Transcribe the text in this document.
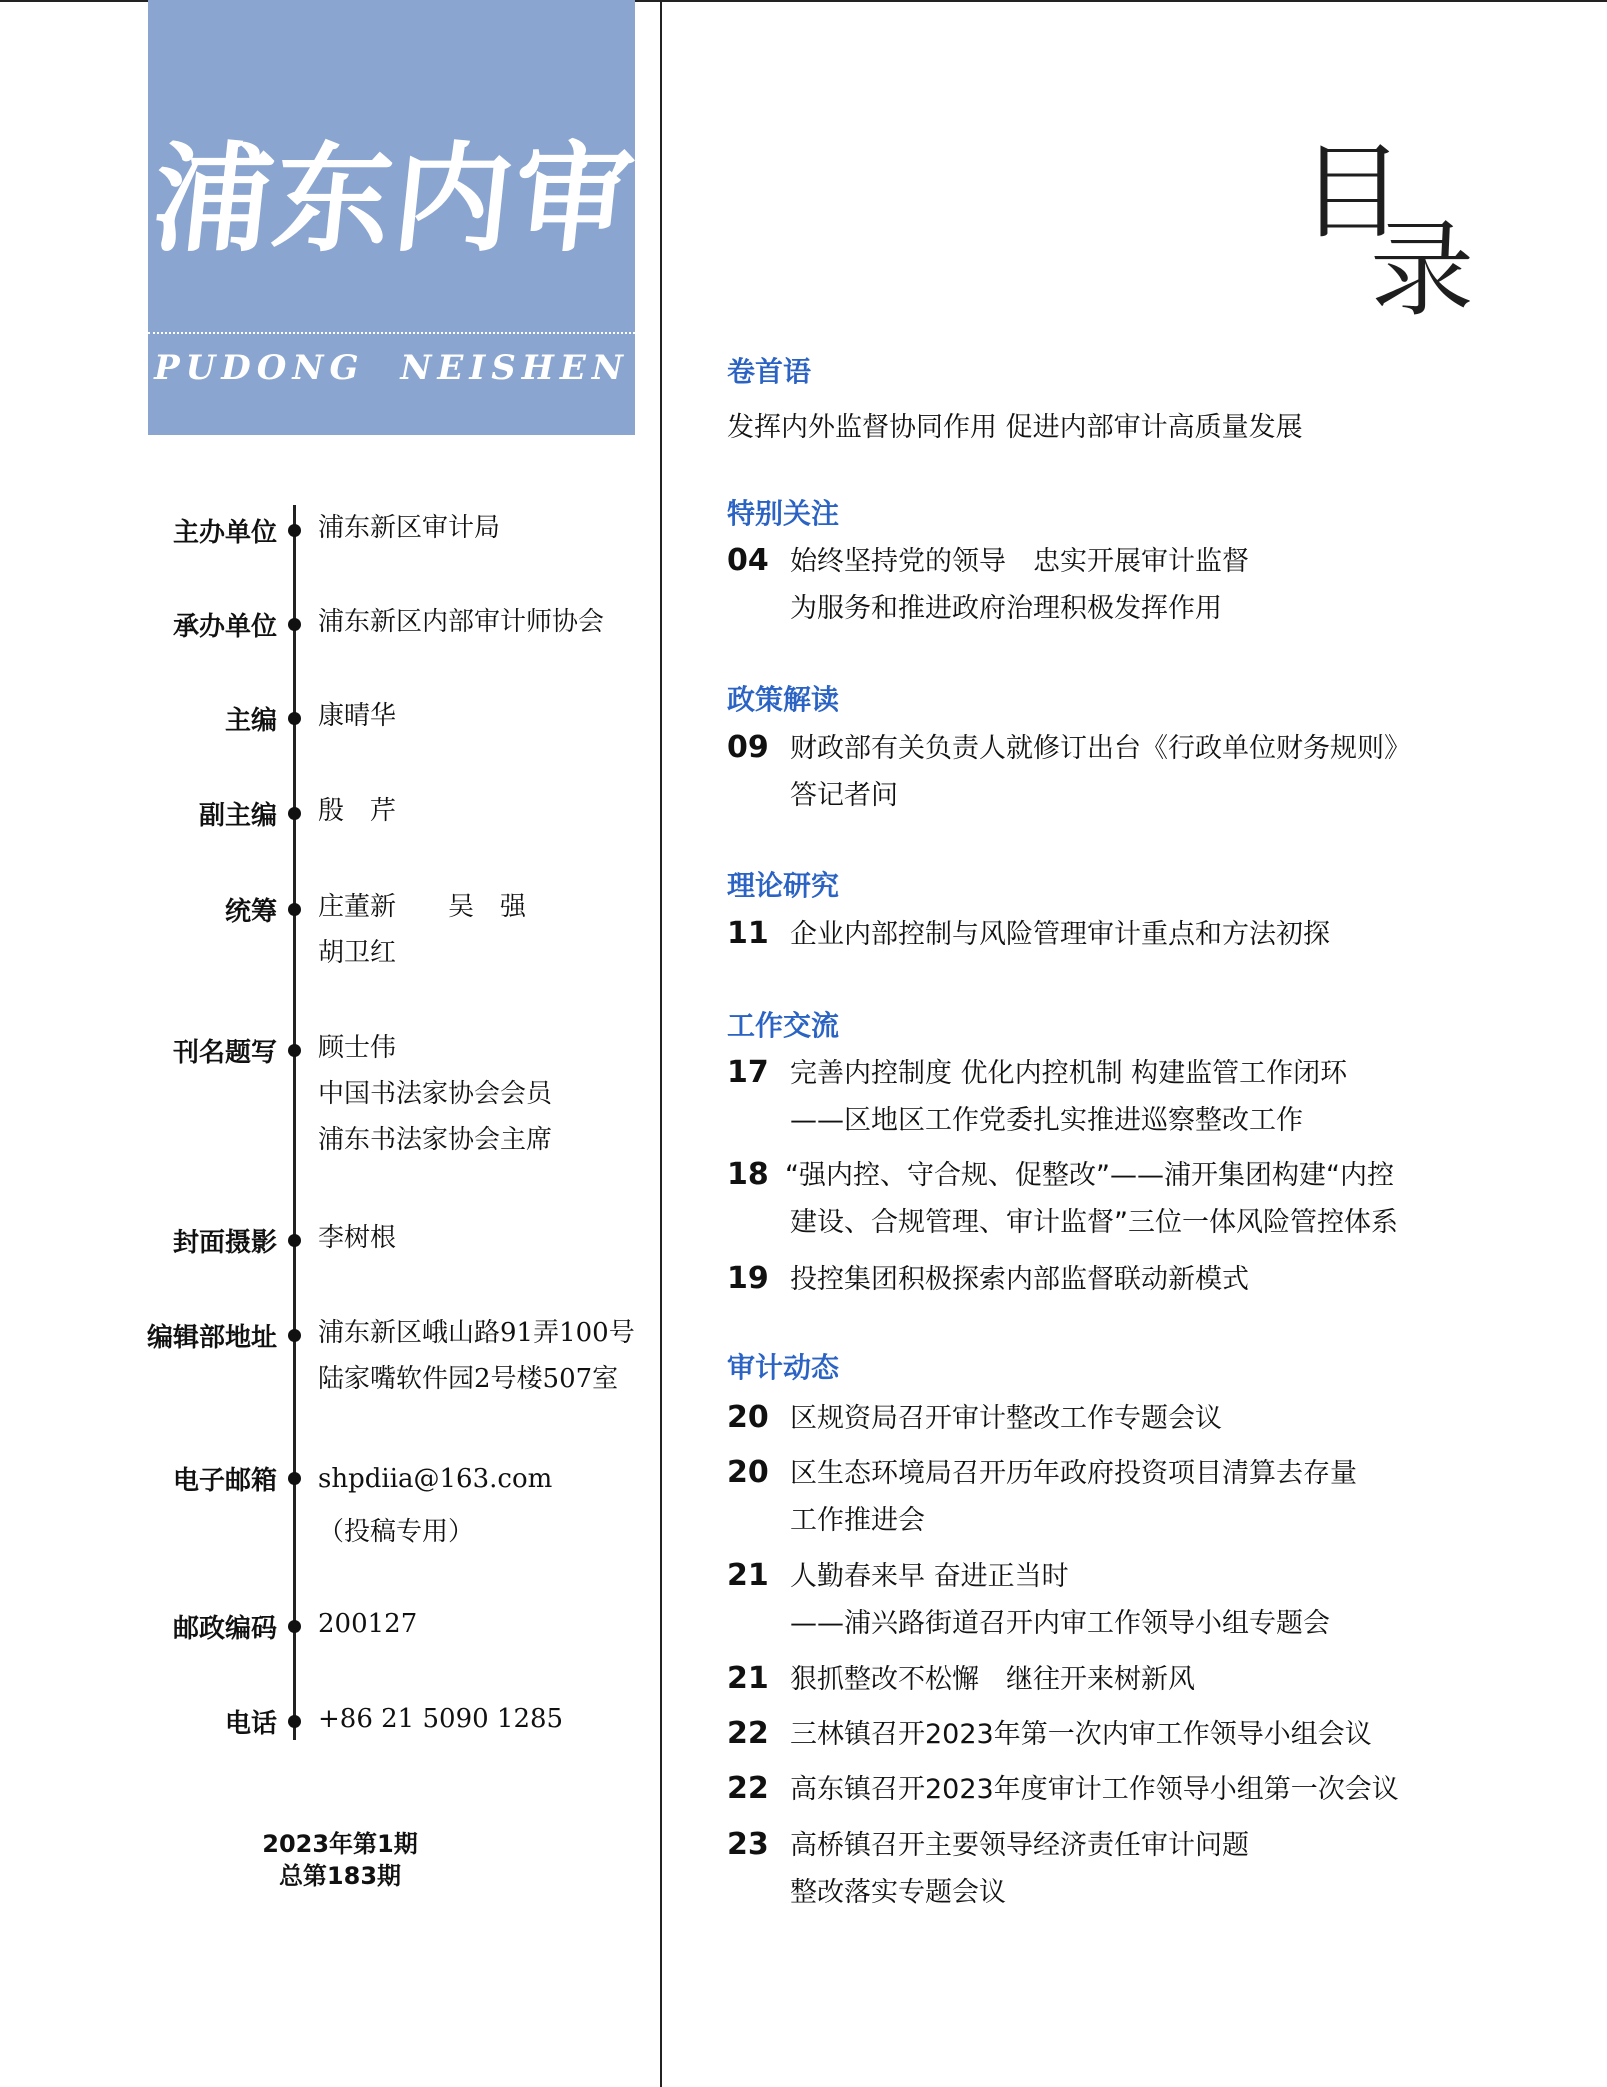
浦东内审
PUDONG NEISHEN
主办单位 浦东新区审计局
承办单位 浦东新区内部审计师协会
主编 康晴华
副主编 殷　芹
统筹 庄董新　　吴　强
胡卫红
刊名题写 顾士伟
中国书法家协会会员
浦东书法家协会主席
封面摄影 李树根
编辑部地址 浦东新区峨山路91弄100号
陆家嘴软件园2号楼507室
电子邮箱 shpdiia@163.com
（投稿专用）
邮政编码 200127
电话 +86 21 5090 1285
2023年第1期
总第183期
目
录
卷首语
发挥内外监督协同作用 促进内部审计高质量发展
特别关注
04 始终坚持党的领导　忠实开展审计监督
为服务和推进政府治理积极发挥作用
政策解读
09 财政部有关负责人就修订出台《行政单位财务规则》
答记者问
理论研究
11 企业内部控制与风险管理审计重点和方法初探
工作交流
17 完善内控制度 优化内控机制 构建监管工作闭环
——区地区工作党委扎实推进巡察整改工作
18 “强内控、守合规、促整改”——浦开集团构建“内控
建设、合规管理、审计监督”三位一体风险管控体系
19 投控集团积极探索内部监督联动新模式
审计动态
20 区规资局召开审计整改工作专题会议
20 区生态环境局召开历年政府投资项目清算去存量
工作推进会
21 人勤春来早 奋进正当时
——浦兴路街道召开内审工作领导小组专题会
21 狠抓整改不松懈　继往开来树新风
22 三林镇召开2023年第一次内审工作领导小组会议
22 高东镇召开2023年度审计工作领导小组第一次会议
23 高桥镇召开主要领导经济责任审计问题
整改落实专题会议
